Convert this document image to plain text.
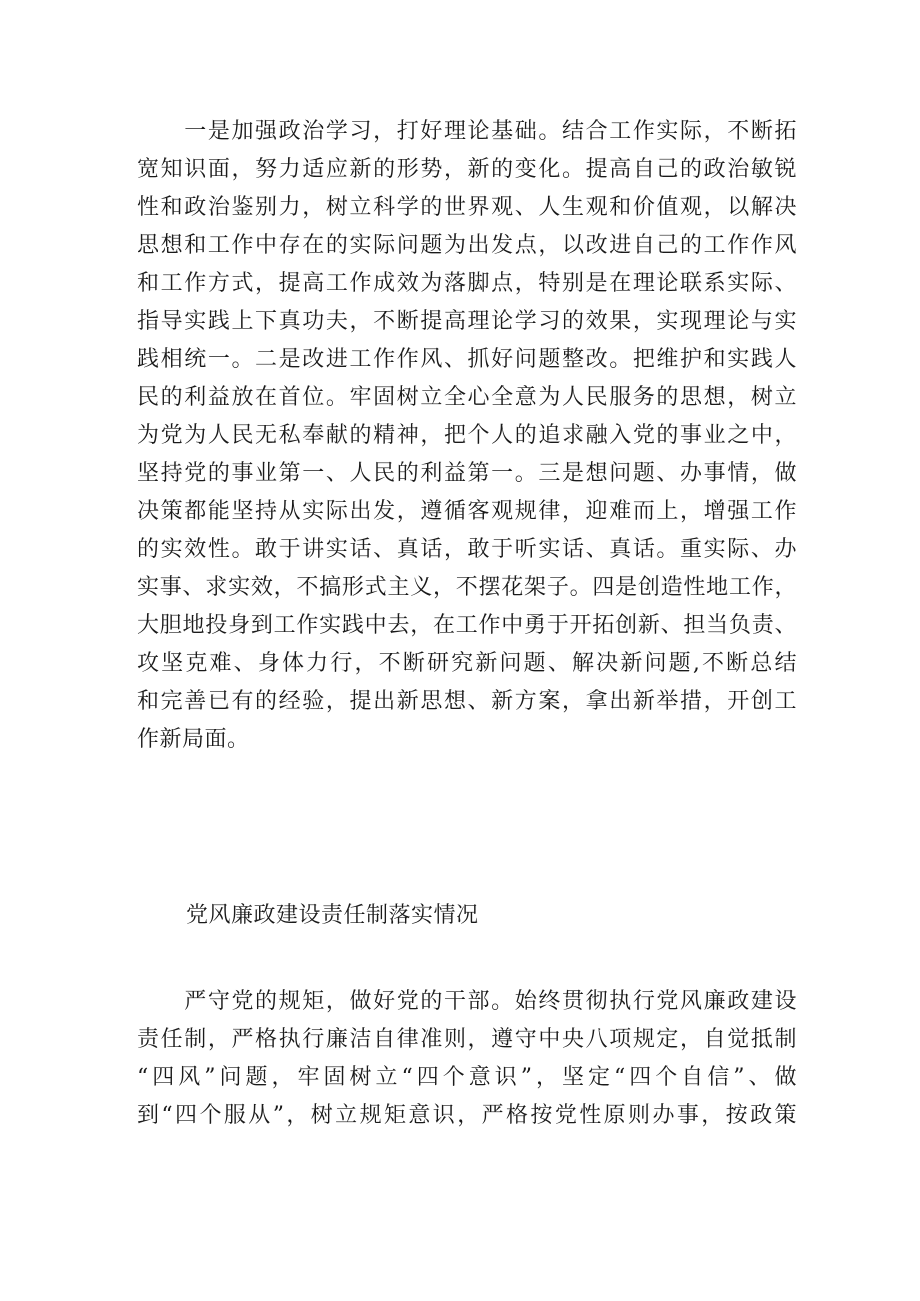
　　一是加强政治学习，打好理论基础。结合工作实际，不断拓
宽知识面，努力适应新的形势，新的变化。提高自己的政治敏锐
性和政治鉴别力，树立科学的世界观、人生观和价值观，以解决
思想和工作中存在的实际问题为出发点，以改进自己的工作作风
和工作方式，提高工作成效为落脚点，特别是在理论联系实际、
指导实践上下真功夫，不断提高理论学习的效果，实现理论与实
践相统一。二是改进工作作风、抓好问题整改。把维护和实践人
民的利益放在首位。牢固树立全心全意为人民服务的思想，树立
为党为人民无私奉献的精神，把个人的追求融入党的事业之中，
坚持党的事业第一、人民的利益第一。三是想问题、办事情，做
决策都能坚持从实际出发，遵循客观规律，迎难而上，增强工作
的实效性。敢于讲实话、真话，敢于听实话、真话。重实际、办
实事、求实效，不搞形式主义，不摆花架子。四是创造性地工作，
大胆地投身到工作实践中去，在工作中勇于开拓创新、担当负责、
攻坚克难、身体力行，不断研究新问题、解决新问题,不断总结
和完善已有的经验，提出新思想、新方案，拿出新举措，开创工
作新局面。
党风廉政建设责任制落实情况
　　严守党的规矩，做好党的干部。始终贯彻执行党风廉政建设
责任制，严格执行廉洁自律准则，遵守中央八项规定，自觉抵制
“四风”问题，牢固树立“四个意识”，坚定“四个自信”、做
到“四个服从”，树立规矩意识，严格按党性原则办事，按政策
